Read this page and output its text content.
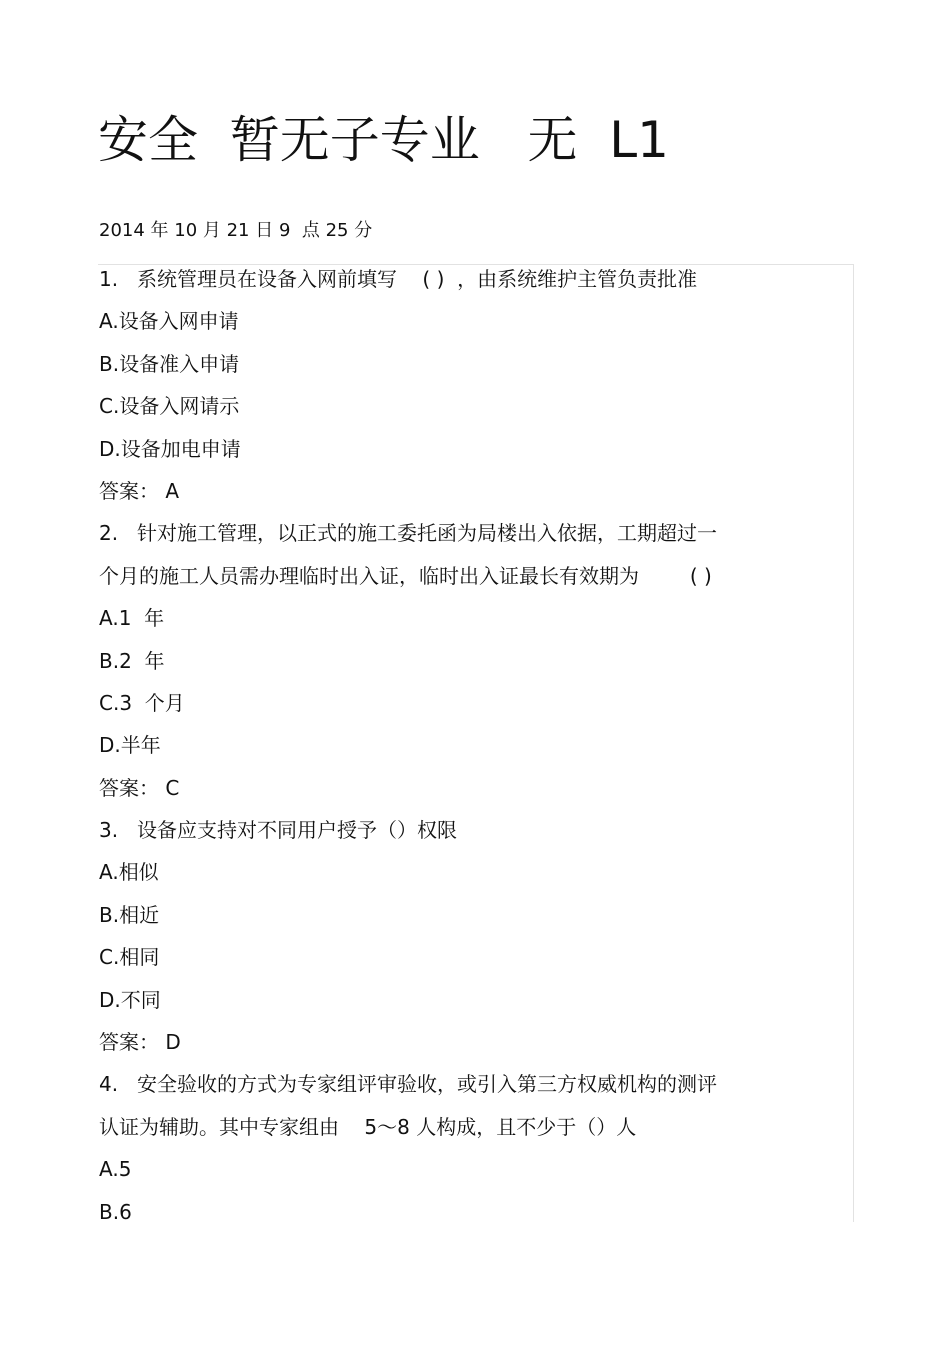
安全  暂无子专业   无  L1
2014 年 10 月 21 日 9  点 25 分
1. 系统管理员在设备入网前填写    ( )  ，由系统维护主管负责批准
A.设备入网申请
B.设备准入申请
C.设备入网请示
D.设备加电申请
答案： A
2. 针对施工管理，以正式的施工委托函为局楼出入依据，工期超过一
个月的施工人员需办理临时出入证，临时出入证最长有效期为        ( )
A.1  年
B.2  年
C.3  个月
D.半年
答案： C
3. 设备应支持对不同用户授予（）权限
A.相似
B.相近
C.相同
D.不同
答案： D
4. 安全验收的方式为专家组评审验收，或引入第三方权威机构的测评
认证为辅助。其中专家组由    5～8 人构成，且不少于（）人
A.5
B.6
